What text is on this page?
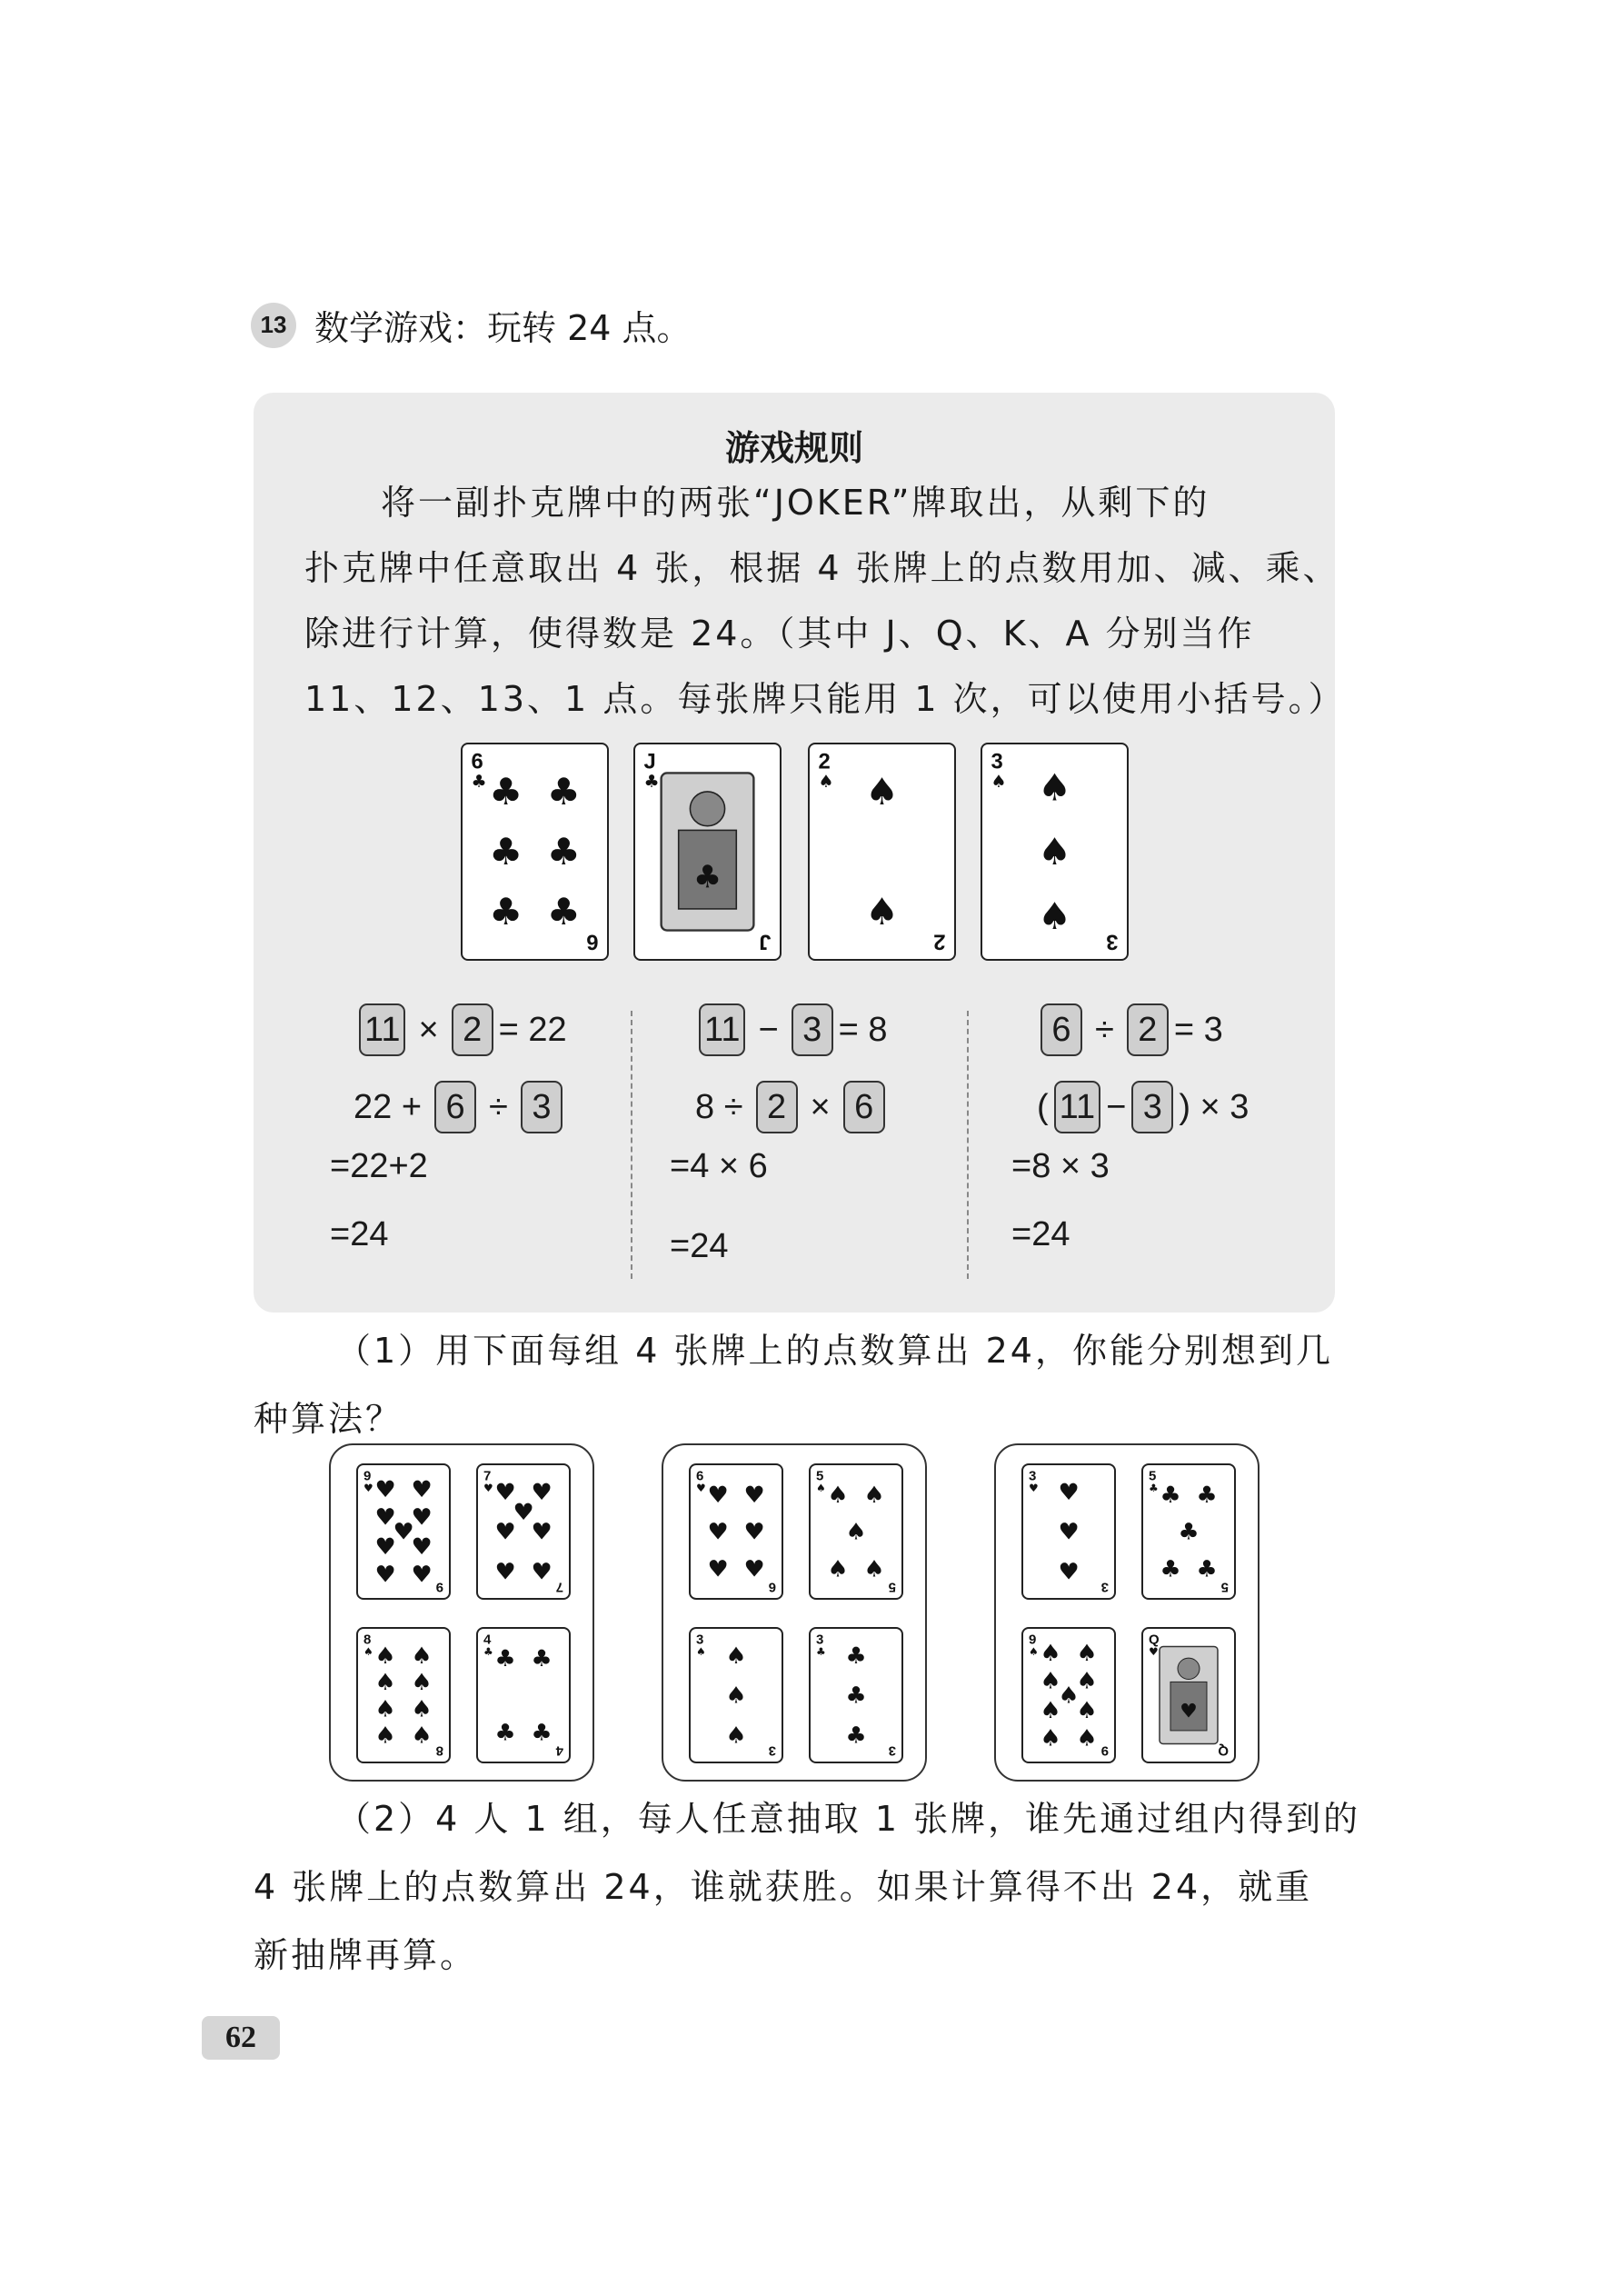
13 数学游戏：玩转 24 点。
游戏规则
将一副扑克牌中的两张“JOKER”牌取出，从剩下的
扑克牌中任意取出 4 张，根据 4 张牌上的点数用加、减、乘、
除进行计算，使得数是 24。（其中 J、Q、K、A 分别当作
11、12、13、1 点。每张牌只能用 1 次，可以使用小括号。）
6
♣
6
♣ ♣
♣ ♣
♣ ♣
J
♣
J
♣
2
♠
2
♠
♠
3
♠
3
♠
♠
♠
11 × 2 = 22
22 + 6 ÷ 3
=22+2
=24
11 − 3 = 8
8 ÷ 2 × 6
=4 × 6
=24
6 ÷ 2 = 3
( 11 − 3 ) × 3
=8 × 3
=24
（1）用下面每组 4 张牌上的点数算出 24，你能分别想到几
种算法？
9
♥
9
♥ ♥
♥ ♥
♥
♥ ♥
♥ ♥
7
♥
7
♥ ♥
♥
♥ ♥
♥ ♥
8
♠
8
♠ ♠
♠ ♠
♠ ♠
♠ ♠
4
♣
4
♣ ♣
♣ ♣
6
♥
6
♥ ♥
♥ ♥
♥ ♥
5
♠
5
♠ ♠
♠
♠ ♠
3
♠
3
♠
♠
♠
3
♣
3
♣
♣
♣
3
♥
3
♥
♥
♥
5
♣
5
♣ ♣
♣
♣ ♣
9
♠
9
♠ ♠
♠ ♠
♠
♠ ♠
♠ ♠
Q
♥
Q
♥
（2）4 人 1 组，每人任意抽取 1 张牌，谁先通过组内得到的
4 张牌上的点数算出 24，谁就获胜。如果计算得不出 24，就重
新抽牌再算。
62
